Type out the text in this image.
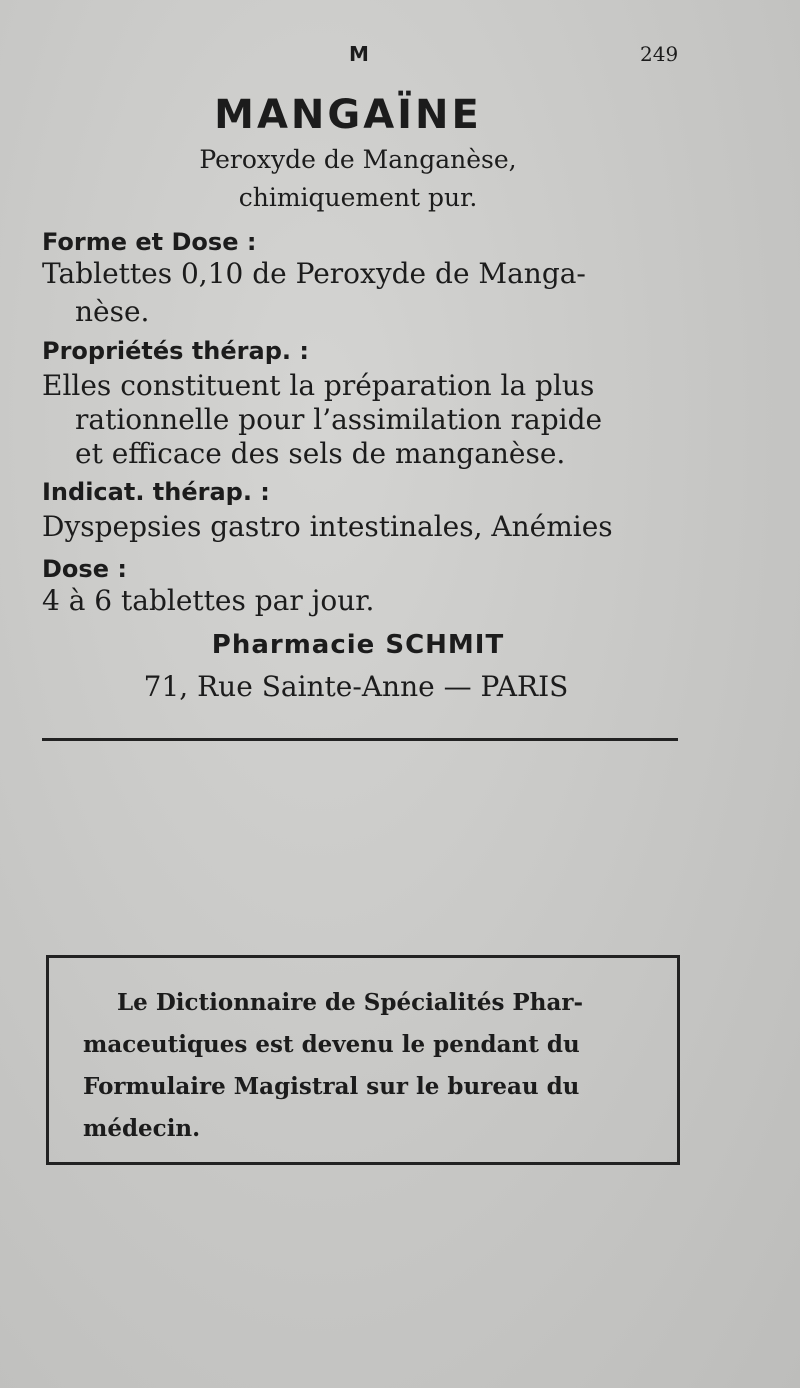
M	249
MANGAÏNE
Peroxyde de Manganèse,
chimiquement pur.
Forme et Dose :
Tablettes 0,10 de Peroxyde de Manga-
nèse.
Propriétés thérap. :
Elles constituent la préparation la plus
rationnelle pour l’assimilation rapide
et efficace des sels de manganèse.
Indicat. thérap. :
Dyspepsies gastro intestinales, Anémies
Dose :
4 à 6 tablettes par jour.
Pharmacie SCHMIT
71, Rue Sainte-Anne — PARIS
Le Dictionnaire de Spécialités Phar-
maceutiques est devenu le pendant du
Formulaire Magistral sur le bureau du
médecin.
